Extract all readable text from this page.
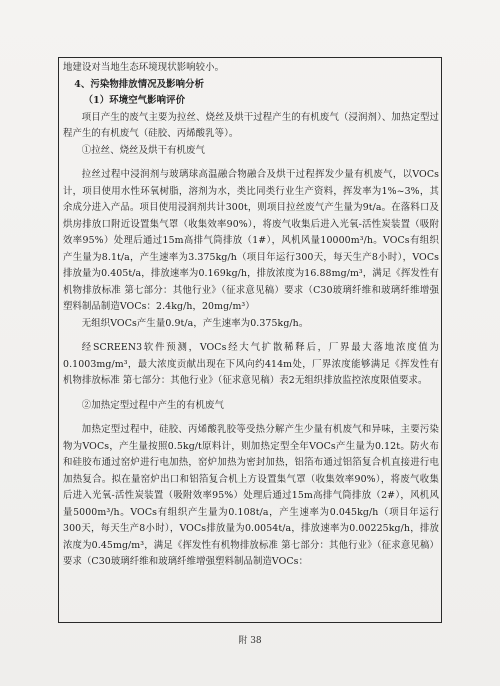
地建设对当地生态环境现状影响较小。

4、污染物排放情况及影响分析

（1）环境空气影响评价

项目产生的废气主要为拉丝、烧丝及烘干过程产生的有机废气（浸润剂）、加热定型过程产生的有机废气（硅胶、丙烯酸乳等）。

①拉丝、烧丝及烘干有机废气

拉丝过程中浸润剂与玻璃球高温融合物融合及烘干过程挥发少量有机废气，以VOCs计，项目使用水性环氧树脂，溶剂为水，类比同类行业生产资料，挥发率为1%~3%，其余成分进入产品。项目使用浸润剂共计300t，则项目拉丝废气产生量为9t/a。在落料口及烘房排放口附近设置集气罩（收集效率90%），将废气收集后进入光氧-活性炭装置（吸附效率95%）处理后通过15m高排气筒排放（1#），风机风量10000m³/h。VOCs有组织产生量为8.1t/a，产生速率为3.375kg/h（项目年运行300天，每天生产8小时），VOCs排放量为0.405t/a，排放速率为0.169kg/h，排放浓度为16.88mg/m³，满足《挥发性有机物排放标准 第七部分：其他行业》（征求意见稿）要求（C30玻璃纤维和玻璃纤维增强塑料制品制造VOCs：2.4kg/h，20mg/m³）

无组织VOCs产生量0.9t/a，产生速率为0.375kg/h。

经SCREEN3软件预测，VOCs经大气扩散稀释后，厂界最大落地浓度值为0.1003mg/m³，最大浓度贡献出现在下风向约414m处，厂界浓度能够满足《挥发性有机物排放标准 第七部分：其他行业》（征求意见稿）表2无组织排放监控浓度限值要求。

②加热定型过程中产生的有机废气

加热定型过程中，硅胶、丙烯酸乳胶等受热分解产生少量有机废气和异味，主要污染物为VOCs，产生量按照0.5kg/t原料计，则加热定型全年VOCs产生量为0.12t。防火布和硅胶布通过窑炉进行电加热，窑炉加热为密封加热，铝箔布通过铝箔复合机直接进行电加热复合。拟在量窑炉出口和铝箔复合机上方设置集气罩（收集效率90%），将废气收集后进入光氧-活性炭装置（吸附效率95%）处理后通过15m高排气筒排放（2#），风机风量5000m³/h。VOCs有组织产生量为0.108t/a，产生速率为0.045kg/h（项目年运行300天，每天生产8小时），VOCs排放量为0.0054t/a，排放速率为0.00225kg/h，排放浓度为0.45mg/m³，满足《挥发性有机物排放标准 第七部分：其他行业》（征求意见稿）要求（C30玻璃纤维和玻璃纤维增强塑料制品制造VOCs：

附 38
